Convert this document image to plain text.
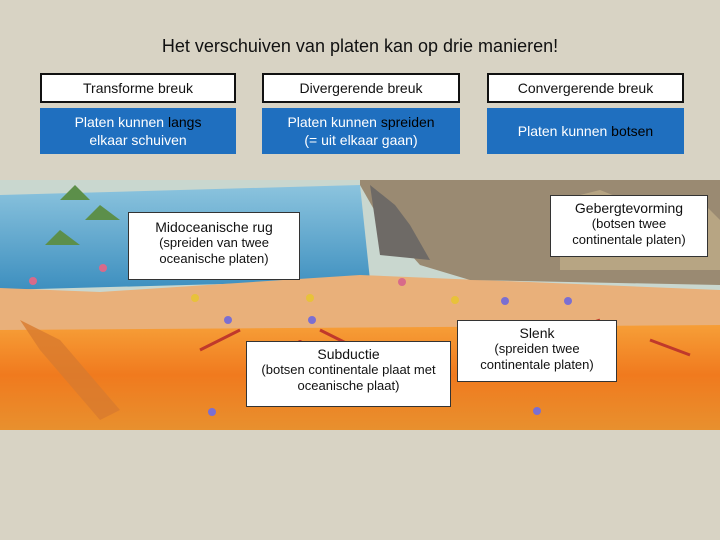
Het verschuiven van platen kan op drie manieren!
Transforme breuk	Divergerende breuk	Convergerende breuk
Platen kunnen langs
elkaar schuiven
Platen kunnen spreiden
(= uit elkaar gaan)
Platen kunnen botsen
Midoceanische rug
(spreiden van twee oceanische platen)
Gebergtevorming
(botsen twee continentale platen)
Subductie
(botsen continentale plaat met oceanische plaat)
Slenk
(spreiden twee continentale platen)
